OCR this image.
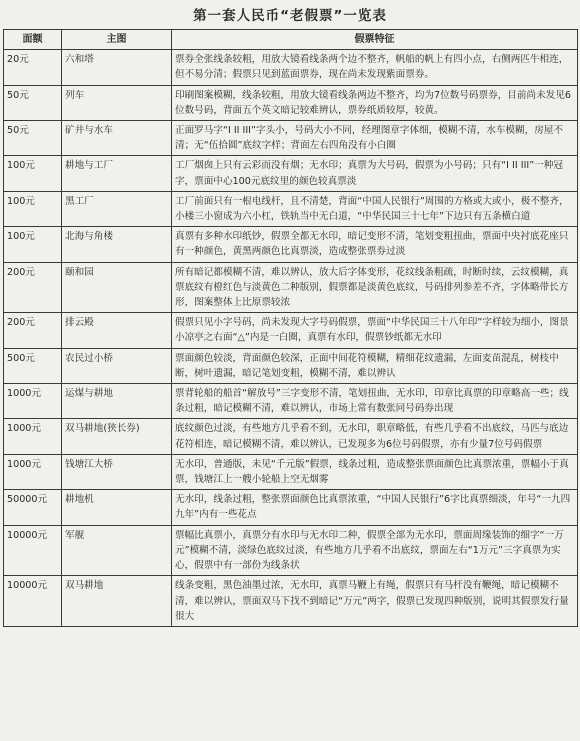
第一套人民币“老假票”一览表
面额	主图	假票特征
20元	六和塔	票券全张线条较粗，用放大镜看线条两个边不整齐，帆船的帆上有四小点，右侧两匹牛相连，但不易分清；假票只见到蓝面票券，现在尚未发现紫面票券。
50元	列车	印刷图案模糊，线条较粗，用放大镜看线条两边不整齐，均为7位数号码票券，目前尚未发见6位数号码，背面五个英文暗记较难辨认，票券纸质较厚，较黄。
50元	矿井与水车	正面罗马字“I II III”字头小，号码大小不同，经理图章字体细，模糊不清，水车模糊，房屋不清；无“伍拾圆”底纹字样；背面左右四角没有小白圈
100元	耕地与工厂	工厂烟囱上只有云彩而没有烟；无水印；真票为大号码，假票为小号码；只有“I II III”一种冠字，票面中心100元底纹里的颜色较真票淡
100元	黑工厂	工厂前面只有一根电线杆，且不清楚，背面“中国人民银行”周围的方格或大或小，极不整齐，小楼三小窗成为六小杠，铁轨当中无白道，“中华民国三十七年”下边只有五条横白道
100元	北海与角楼	真票有多种水印纸钞，假票全都无水印，暗记变形不清，笔划变粗扭曲，票面中央衬底花座只有一种颜色，黄黑两颜色比真票淡，造成整张票券过淡
200元	颐和园	所有暗记都模糊不清，难以辨认，放大后字体变形，花纹线条粗疏，时断时续，云纹模糊，真票底纹有橙红色与淡黄色二种版别，假票都是淡黄色底纹，号码排列参差不齐，字体略带长方形，图案整体上比原票较浓
200元	排云殿	假票只见小字号码，尚未发现大字号码假票，票面“中华民国三十八年印”字样较为细小，图景小凉亭之右面“△”内是一白圈，真票有水印，假票钞纸都无水印
500元	农民过小桥	票面颜色较淡，背面颜色较深，正面中间花符模糊，精细花纹遗漏，左面麦苗混乱，树枝中断，树叶遗漏，暗记笔划变粗，模糊不清，难以辨认
1000元	运煤与耕地	票背轮船的船首“解放号”三字变形不清，笔划扭曲，无水印，印章比真票的印章略高一些；线条过粗，暗记模糊不清，难以辨认，市场上常有数张同号码券出现
1000元	双马耕地(狭长券)	底纹颜色过淡，有些地方几乎看不到，无水印，职章略低，有些几乎看不出底纹，马匹与底边花符相连，暗记模糊不清，难以辨认，已发现多为6位号码假票，亦有少量7位号码假票
1000元	钱塘江大桥	无水印，普通版，未见“千元版”假票，线条过粗，造成整张票面颜色比真票浓重，票幅小于真票，钱塘江上一艘小轮船上空无烟雾
50000元	耕地机	无水印，线条过粗，整张票面颜色比真票浓重，“中国人民银行”6字比真票细淡，年号“一九四九年”内有一些花点
10000元	军舰	票幅比真票小，真票分有水印与无水印二种，假票全部为无水印，票面周缘装饰的细字“一万元”模糊不清，淡绿色底纹过淡，有些地方几乎看不出底纹，票面左右“1万元”三字真票为实心，假票中有一部份为线条状
10000元	双马耕地	线条变粗，黑色油墨过浓，无水印，真票马鞭上有绳，假票只有马杆没有鞭绳，暗记模糊不清，难以辨认，票面双马下找不到暗记“万元”两字，假票已发现四种版别，说明其假票发行量很大
